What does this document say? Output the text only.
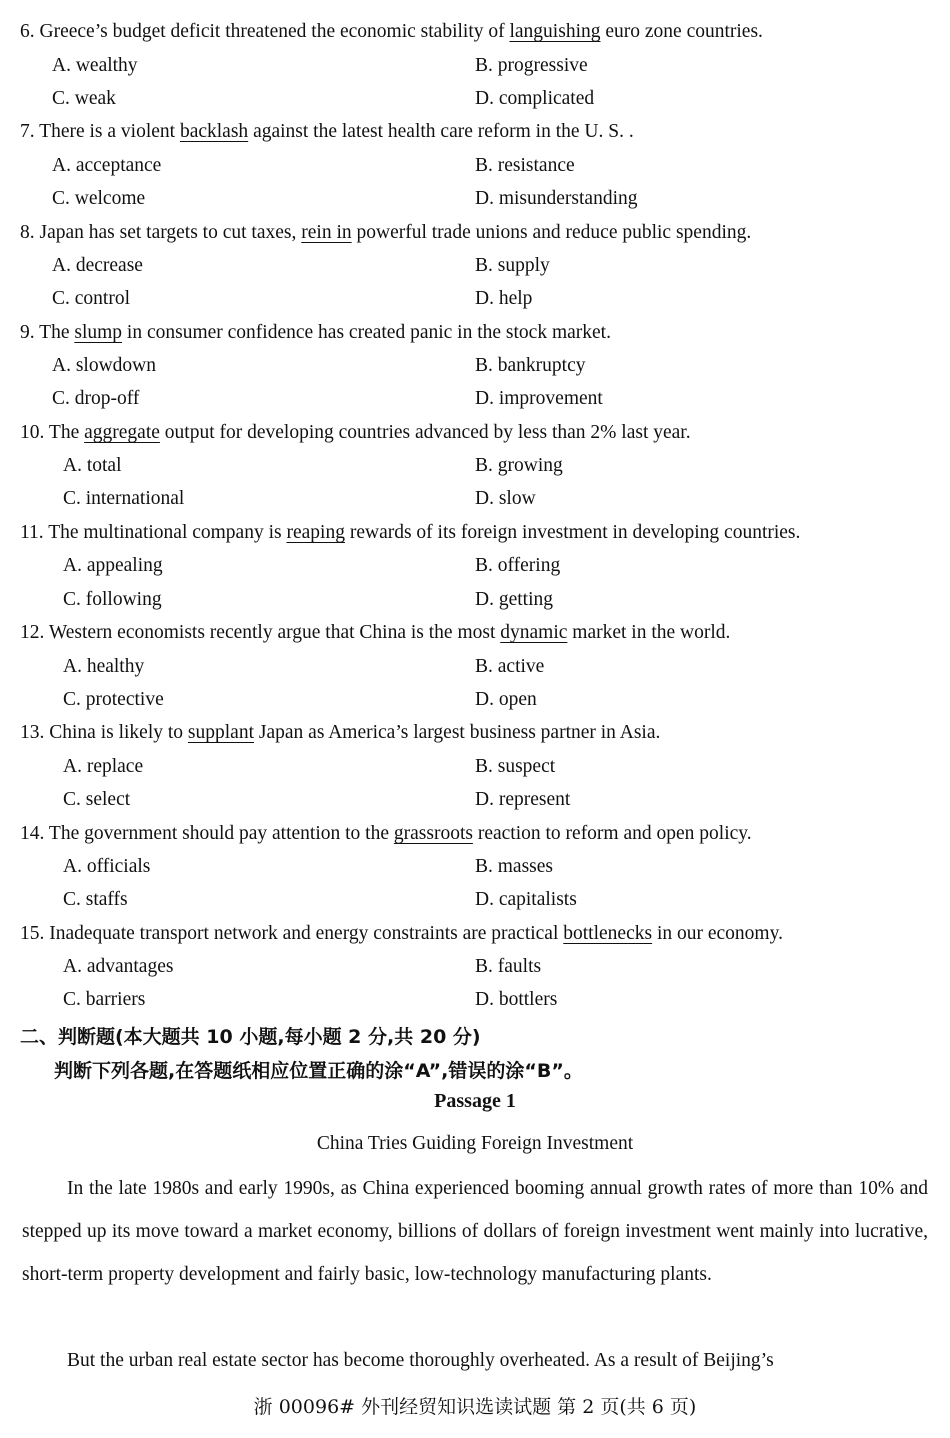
6. Greece’s budget deficit threatened the economic stability of languishing euro zone countries.
A. wealthy	B. progressive
C. weak	D. complicated
7. There is a violent backlash against the latest health care reform in the U. S. .
A. acceptance	B. resistance
C. welcome	D. misunderstanding
8. Japan has set targets to cut taxes, rein in powerful trade unions and reduce public spending.
A. decrease	B. supply
C. control	D. help
9. The slump in consumer confidence has created panic in the stock market.
A. slowdown	B. bankruptcy
C. drop-off	D. improvement
10. The aggregate output for developing countries advanced by less than 2% last year.
A. total	B. growing
C. international	D. slow
11. The multinational company is reaping rewards of its foreign investment in developing countries.
A. appealing	B. offering
C. following	D. getting
12. Western economists recently argue that China is the most dynamic market in the world.
A. healthy	B. active
C. protective	D. open
13. China is likely to supplant Japan as America’s largest business partner in Asia.
A. replace	B. suspect
C. select	D. represent
14. The government should pay attention to the grassroots reaction to reform and open policy.
A. officials	B. masses
C. staffs	D. capitalists
15. Inadequate transport network and energy constraints are practical bottlenecks in our economy.
A. advantages	B. faults
C. barriers	D. bottlers
二、判断题(本大题共 10 小题,每小题 2 分,共 20 分)
判断下列各题,在答题纸相应位置正确的涂“A”,错误的涂“B”。
Passage 1
China Tries Guiding Foreign Investment
In the late 1980s and early 1990s, as China experienced booming annual growth rates of more than 10% and stepped up its move toward a market economy, billions of dollars of foreign investment went mainly into lucrative, short-term property development and fairly basic, low-technology manufacturing plants.
But the urban real estate sector has become thoroughly overheated. As a result of Beijing’s
浙 00096# 外刊经贸知识选读试题 第 2 页(共 6 页)
